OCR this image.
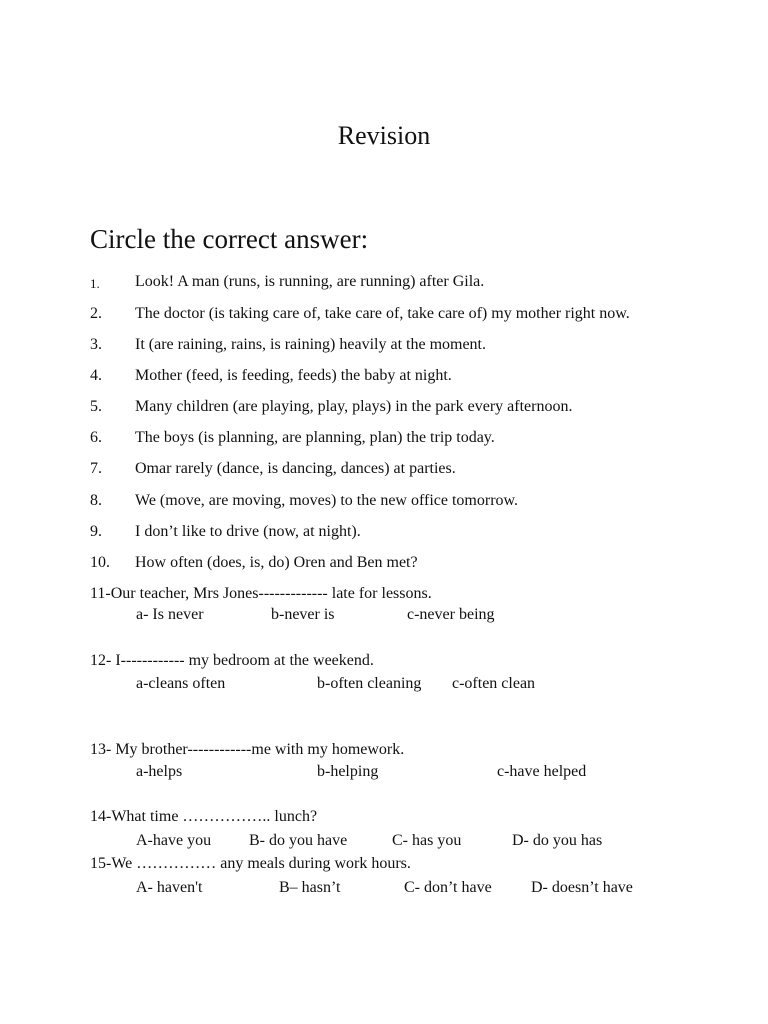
Revision
Circle the correct answer:
1. Look! A man (runs, is running, are running) after Gila.
2. The doctor (is taking care of, take care of, take care of) my mother right now.
3. It (are raining, rains, is raining) heavily at the moment.
4. Mother (feed, is feeding, feeds) the baby at night.
5. Many children (are playing, play, plays) in the park every afternoon.
6. The boys (is planning, are planning, plan) the trip today.
7. Omar rarely (dance, is dancing, dances) at parties.
8. We (move, are moving, moves) to the new office tomorrow.
9. I don’t like to drive (now, at night).
10. How often (does, is, do) Oren and Ben met?
11-Our teacher, Mrs Jones------------- late for lessons.
a- Is never	b-never is	c-never being
12- I------------ my bedroom at the weekend.
a-cleans often	b-often cleaning c-often clean
13- My brother------------me with my homework.
a-helps	b-helping	c-have helped
14-What time …………….. lunch?
A-have you B- do you have	C- has you	D- do you has
15-We …………… any meals during work hours.
A- haven't	B– hasn’t	C- don’t have D- doesn’t have
